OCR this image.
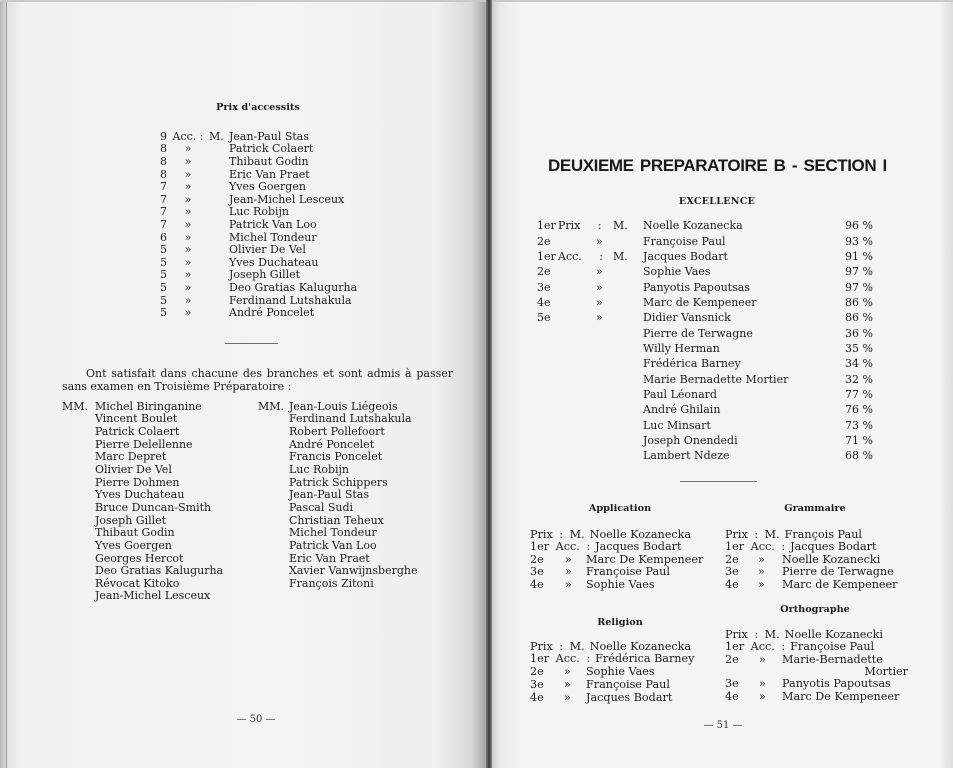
Prix d'accessits
9 Acc. : M. Jean-Paul Stas
8	»	Patrick Colaert
8	»	Thibaut Godin
8	»	Eric Van Praet
7	»	Yves Goergen
7	»	Jean-Michel Lesceux
7	»	Luc Robijn
7	»	Patrick Van Loo
6	»	Michel Tondeur
5	»	Olivier De Vel
5	»	Yves Duchateau
5	»	Joseph Gillet
5	»	Deo Gratias Kalugurha
5	»	Ferdinand Lutshakula
5	»	André Poncelet

Ont satisfait dans chacune des branches et sont admis à passer sans examen en Troisième Préparatoire :

MM. Michel Biringanine
Vincent Boulet
Patrick Colaert
Pierre Delellenne
Marc Depret
Olivier De Vel
Pierre Dohmen
Yves Duchateau
Bruce Duncan-Smith
Joseph Gillet
Thibaut Godin
Yves Goergen
Georges Hercot
Deo Gratias Kalugurha
Révocat Kitoko
Jean-Michel Lesceux
MM. Jean-Louis Liégeois
Ferdinand Lutshakula
Robert Pollefoort
André Poncelet
Francis Poncelet
Luc Robijn
Patrick Schippers
Jean-Paul Stas
Pascal Sudi
Christian Teheux
Michel Tondeur
Patrick Van Loo
Eric Van Praet
Xavier Vanwijnsberghe
François Zitoni
— 50 —
DEUXIEME PREPARATOIRE B - SECTION I
EXCELLENCE
1er Prix : M. Noelle Kozanecka	96 %
2e	»	Françoise Paul	93 %
1er Acc. : M. Jacques Bodart	91 %
2e	»	Sophie Vaes	97 %
3e	»	Panyotis Papoutsas	97 %
4e	»	Marc de Kempeneer	86 %
5e	»	Didier Vansnick	86 %
Pierre de Terwagne	36 %
Willy Herman	35 %
Frédérica Barney	34 %
Marie Bernadette Mortier	32 %
Paul Léonard	77 %
André Ghilain	76 %
Luc Minsart	73 %
Joseph Onendedi	71 %
Lambert Ndeze	68 %
Application
Prix : M. Noelle Kozanecka
1er Acc. : Jacques Bodart
2e » Marc De Kempeneer
3e » Françoise Paul
4e » Sophie Vaes
Grammaire
Prix : M. François Paul
1er Acc. : Jacques Bodart
2e » Noelle Kozanecki
3e » Pierre de Terwagne
4e » Marc de Kempeneer
Orthographe
Prix : M. Noelle Kozanecki
1er Acc. : Françoise Paul
2e » Marie-Bernadette
Mortier
3e » Panyotis Papoutsas
4e » Marc De Kempeneer
Religion
Prix : M. Noelle Kozanecka
1er Acc. : Frédérica Barney
2e » Sophie Vaes
3e » Françoise Paul
4e » Jacques Bodart
— 51 —
